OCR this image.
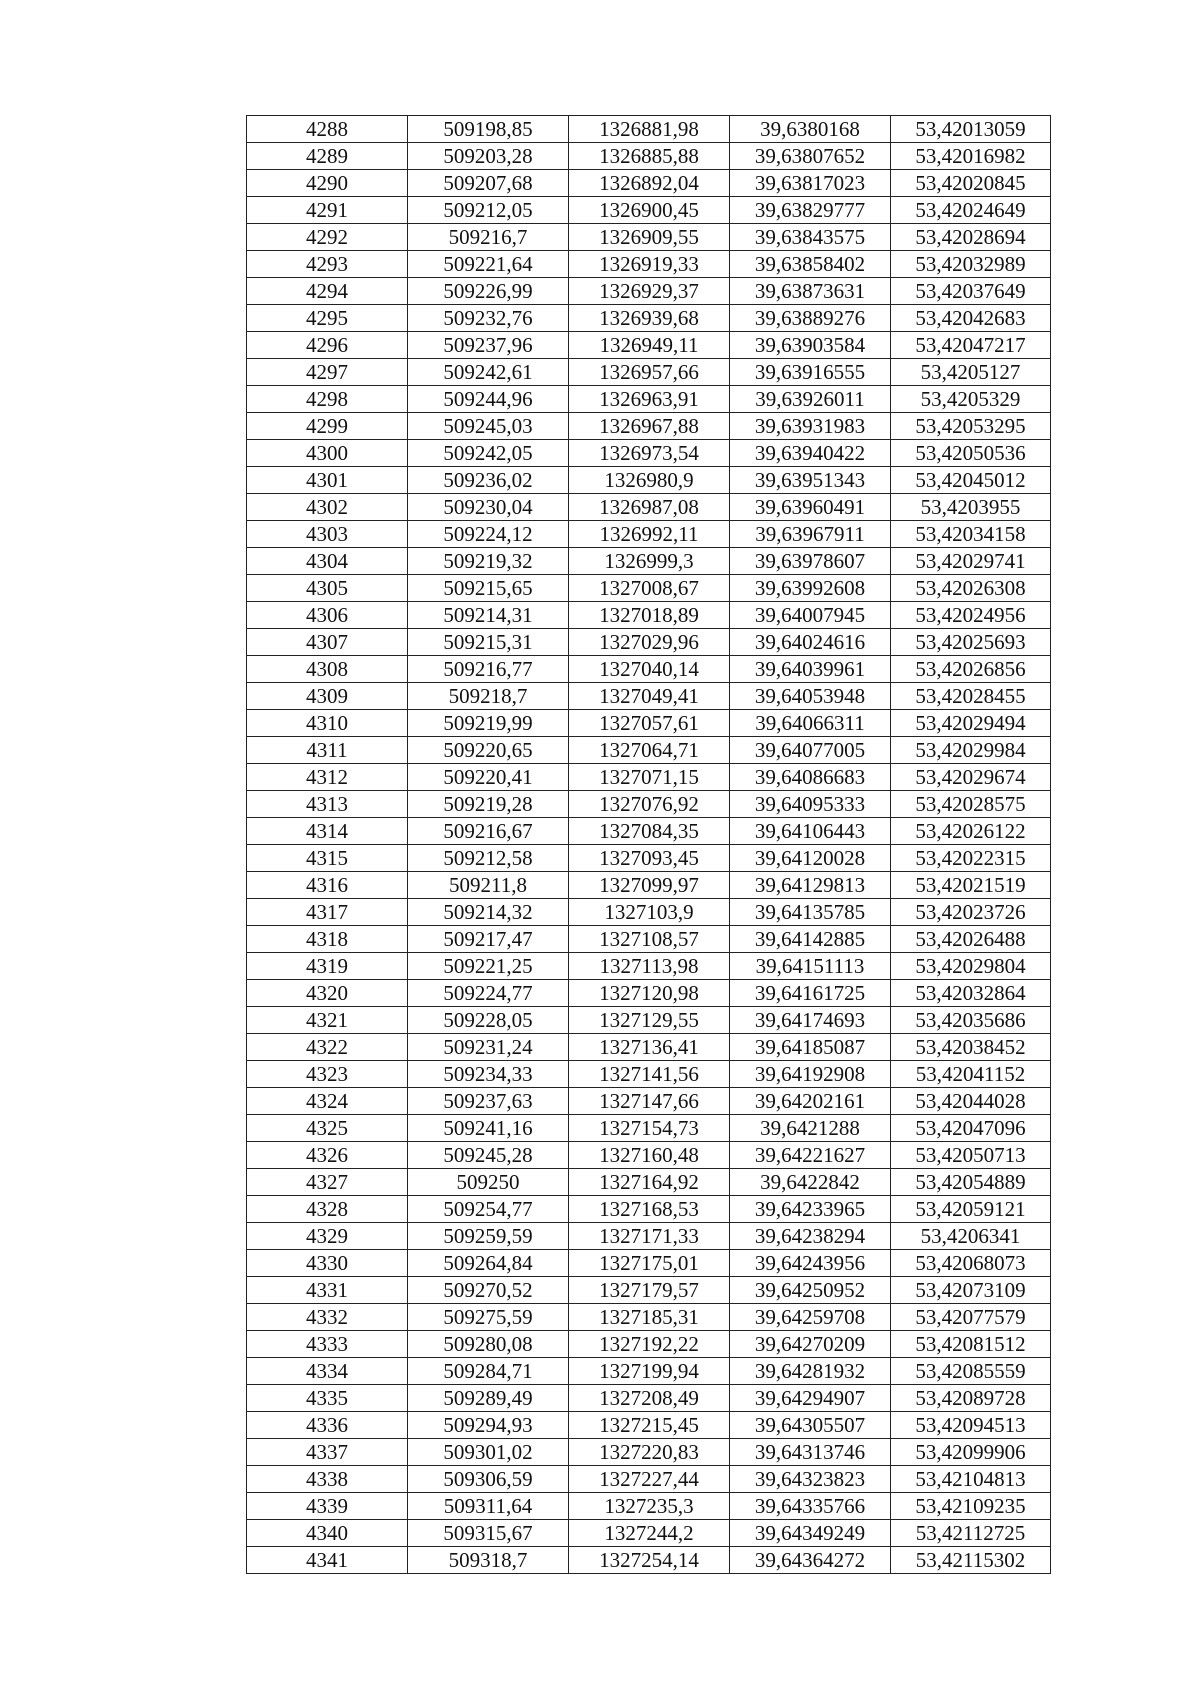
4288	509198,85	1326881,98	39,6380168	53,42013059
4289	509203,28	1326885,88	39,63807652	53,42016982
4290	509207,68	1326892,04	39,63817023	53,42020845
4291	509212,05	1326900,45	39,63829777	53,42024649
4292	509216,7	1326909,55	39,63843575	53,42028694
4293	509221,64	1326919,33	39,63858402	53,42032989
4294	509226,99	1326929,37	39,63873631	53,42037649
4295	509232,76	1326939,68	39,63889276	53,42042683
4296	509237,96	1326949,11	39,63903584	53,42047217
4297	509242,61	1326957,66	39,63916555	53,4205127
4298	509244,96	1326963,91	39,63926011	53,4205329
4299	509245,03	1326967,88	39,63931983	53,42053295
4300	509242,05	1326973,54	39,63940422	53,42050536
4301	509236,02	1326980,9	39,63951343	53,42045012
4302	509230,04	1326987,08	39,63960491	53,4203955
4303	509224,12	1326992,11	39,63967911	53,42034158
4304	509219,32	1326999,3	39,63978607	53,42029741
4305	509215,65	1327008,67	39,63992608	53,42026308
4306	509214,31	1327018,89	39,64007945	53,42024956
4307	509215,31	1327029,96	39,64024616	53,42025693
4308	509216,77	1327040,14	39,64039961	53,42026856
4309	509218,7	1327049,41	39,64053948	53,42028455
4310	509219,99	1327057,61	39,64066311	53,42029494
4311	509220,65	1327064,71	39,64077005	53,42029984
4312	509220,41	1327071,15	39,64086683	53,42029674
4313	509219,28	1327076,92	39,64095333	53,42028575
4314	509216,67	1327084,35	39,64106443	53,42026122
4315	509212,58	1327093,45	39,64120028	53,42022315
4316	509211,8	1327099,97	39,64129813	53,42021519
4317	509214,32	1327103,9	39,64135785	53,42023726
4318	509217,47	1327108,57	39,64142885	53,42026488
4319	509221,25	1327113,98	39,64151113	53,42029804
4320	509224,77	1327120,98	39,64161725	53,42032864
4321	509228,05	1327129,55	39,64174693	53,42035686
4322	509231,24	1327136,41	39,64185087	53,42038452
4323	509234,33	1327141,56	39,64192908	53,42041152
4324	509237,63	1327147,66	39,64202161	53,42044028
4325	509241,16	1327154,73	39,6421288	53,42047096
4326	509245,28	1327160,48	39,64221627	53,42050713
4327	509250	1327164,92	39,6422842	53,42054889
4328	509254,77	1327168,53	39,64233965	53,42059121
4329	509259,59	1327171,33	39,64238294	53,4206341
4330	509264,84	1327175,01	39,64243956	53,42068073
4331	509270,52	1327179,57	39,64250952	53,42073109
4332	509275,59	1327185,31	39,64259708	53,42077579
4333	509280,08	1327192,22	39,64270209	53,42081512
4334	509284,71	1327199,94	39,64281932	53,42085559
4335	509289,49	1327208,49	39,64294907	53,42089728
4336	509294,93	1327215,45	39,64305507	53,42094513
4337	509301,02	1327220,83	39,64313746	53,42099906
4338	509306,59	1327227,44	39,64323823	53,42104813
4339	509311,64	1327235,3	39,64335766	53,42109235
4340	509315,67	1327244,2	39,64349249	53,42112725
4341	509318,7	1327254,14	39,64364272	53,42115302
